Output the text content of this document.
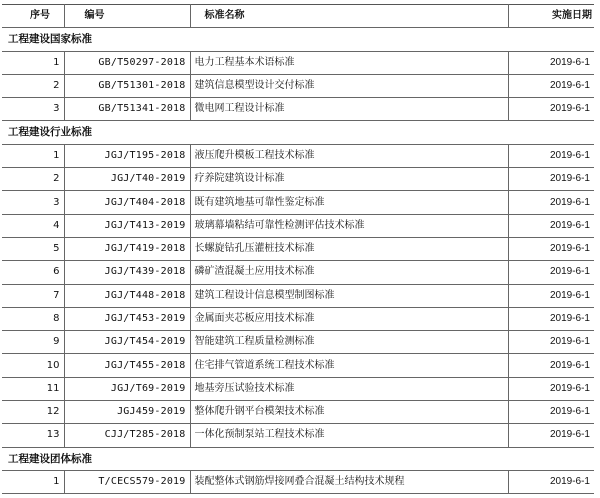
序号	编号	标准名称	实施日期
工程建设国家标准			
1	GB/T50297-2018	电力工程基本术语标准	2019-6-1
2	GB/T51301-2018	建筑信息模型设计交付标准	2019-6-1
3	GB/T51341-2018	微电网工程设计标准	2019-6-1
工程建设行业标准			
1	JGJ/T195-2018	液压爬升模板工程技术标准	2019-6-1
2	JGJ/T40-2019	疗养院建筑设计标准	2019-6-1
3	JGJ/T404-2018	既有建筑地基可靠性鉴定标准	2019-6-1
4	JGJ/T413-2019	玻璃幕墙粘结可靠性检测评估技术标准	2019-6-1
5	JGJ/T419-2018	长螺旋钻孔压灌桩技术标准	2019-6-1
6	JGJ/T439-2018	磷矿渣混凝土应用技术标准	2019-6-1
7	JGJ/T448-2018	建筑工程设计信息模型制图标准	2019-6-1
8	JGJ/T453-2019	金属面夹芯板应用技术标准	2019-6-1
9	JGJ/T454-2019	智能建筑工程质量检测标准	2019-6-1
10	JGJ/T455-2018	住宅排气管道系统工程技术标准	2019-6-1
11	JGJ/T69-2019	地基旁压试验技术标准	2019-6-1
12	JGJ459-2019	整体爬升钢平台模架技术标准	2019-6-1
13	CJJ/T285-2018	一体化预制泵站工程技术标准	2019-6-1
工程建设团体标准			
1	T/CECS579-2019	装配整体式钢筋焊接网叠合混凝土结构技术规程	2019-6-1
